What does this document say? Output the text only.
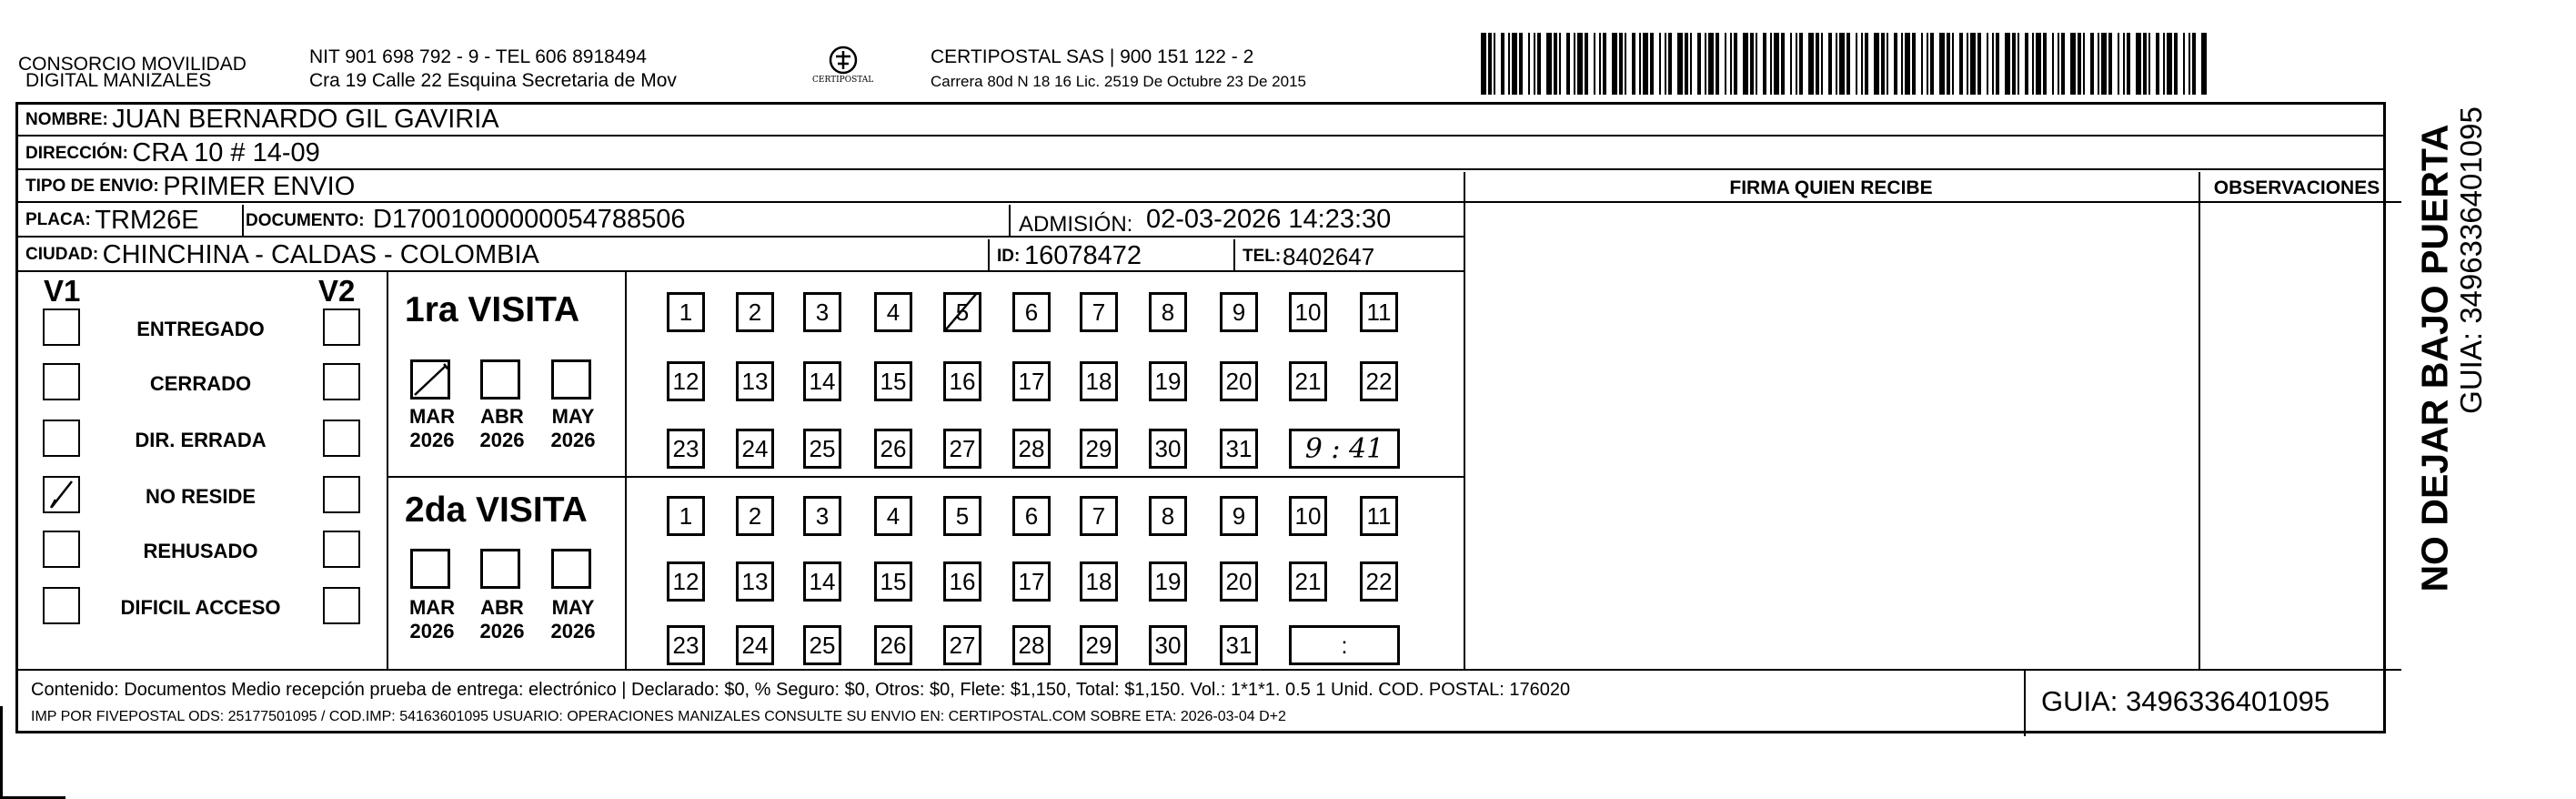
CONSORCIO MOVILIDAD
DIGITAL MANIZALES
NIT 901 698 792 - 9 - TEL 606 8918494
Cra 19 Calle 22 Esquina Secretaria de Mov	CERTIPOSTAL
CERTIPOSTAL SAS | 900 151 122 - 2
Carrera 80d N 18 16 Lic. 2519 De Octubre 23 De 2015
NOMBRE:
JUAN BERNARDO GIL GAVIRIA
DIRECCIÓN:
CRA 10 # 14-09
TIPO DE ENVIO:
PRIMER ENVIO
PLACA:
TRM26E	DOCUMENTO: D17001000000054788506	ADMISIÓN: 02-03-2026 14:23:30
CIUDAD:
CHINCHINA - CALDAS - COLOMBIA	ID: 16078472	TEL: 8402647
FIRMA QUIEN RECIBE	OBSERVACIONES
V1	V2
ENTREGADO
CERRADO
DIR. ERRADA
NO RESIDE
REHUSADO
DIFICIL ACCESO
1ra VISITA
2da VISITA
MAR
2026
ABR
2026
MAY
2026
MAR
2026
ABR
2026
MAY
2026
1 2 3 4 5 6 7 8 9 10 11
12 13 14 15 16 17 18 19 20 21 22
23 24 25 26 27 28 29 30 31 9 : 41
1 2 3 4 5 6 7 8 9 10 11
12 13 14 15 16 17 18 19 20 21 22
23 24 25 26 27 28 29 30 31	:
Contenido: Documentos Medio recepción prueba de entrega: electrónico | Declarado: $0, % Seguro: $0, Otros: $0, Flete: $1,150, Total: $1,150. Vol.: 1*1*1. 0.5 1 Unid. COD. POSTAL: 176020
IMP POR FIVEPOSTAL ODS: 25177501095 / COD.IMP: 54163601095 USUARIO: OPERACIONES MANIZALES CONSULTE SU ENVIO EN: CERTIPOSTAL.COM SOBRE ETA: 2026-03-04 D+2	GUIA: 3496336401095
NO DEJAR BAJO PUERTA
GUIA: 3496336401095
